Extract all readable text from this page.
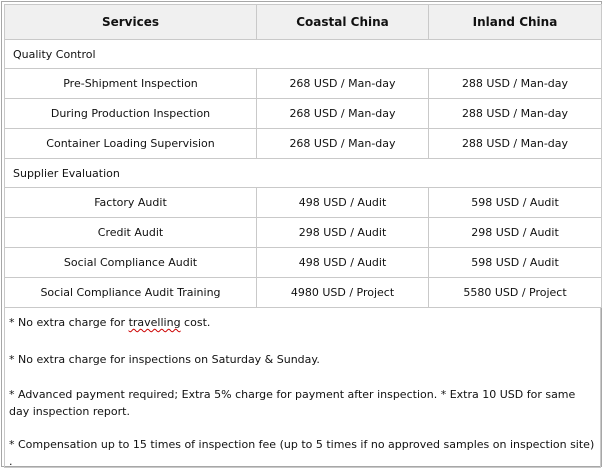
Services	Coastal China	Inland China
Quality Control		
Pre-Shipment Inspection	268 USD / Man-day	288 USD / Man-day
During Production Inspection	268 USD / Man-day	288 USD / Man-day
Container Loading Supervision	268 USD / Man-day	288 USD / Man-day
Supplier Evaluation		
Factory Audit	498 USD / Audit	598 USD / Audit
Credit Audit	298 USD / Audit	298 USD / Audit
Social Compliance Audit	498 USD / Audit	598 USD / Audit
Social Compliance Audit Training	4980 USD / Project	5580 USD / Project

* No extra charge for travelling cost.

* No extra charge for inspections on Saturday & Sunday.

* Advanced payment required; Extra 5% charge for payment after inspection. * Extra 10 USD for same day inspection report.

* Compensation up to 15 times of inspection fee (up to 5 times if no approved samples on inspection site) .
